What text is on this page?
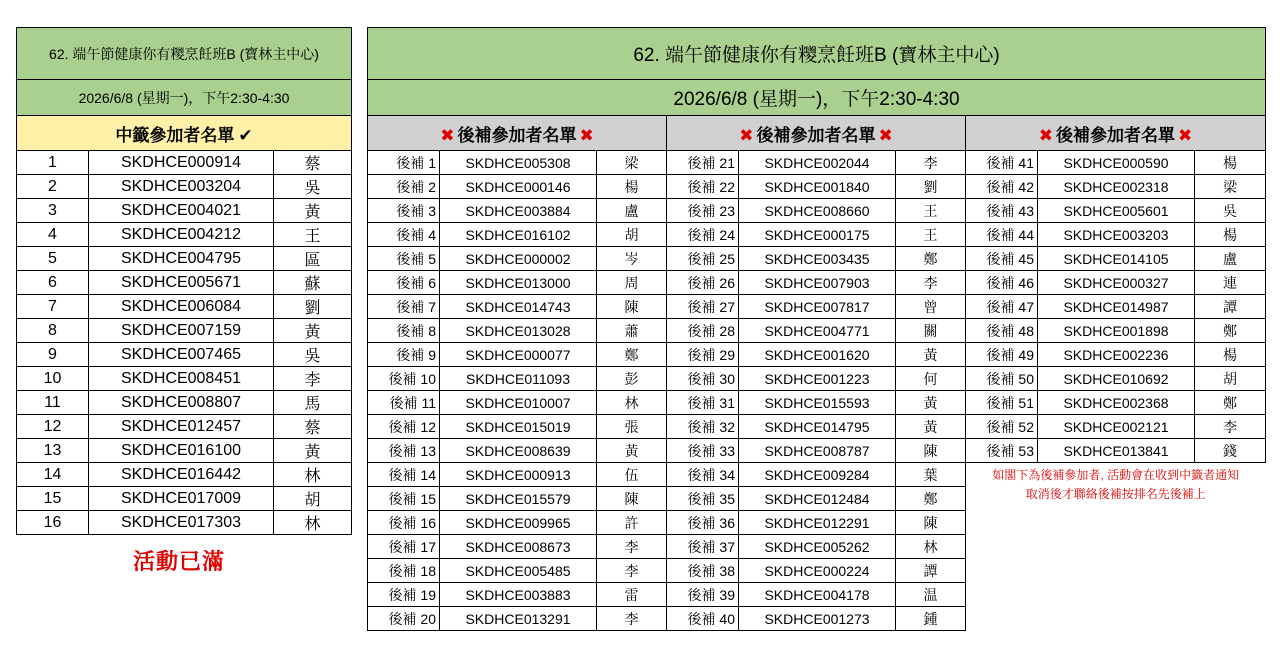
62. 端午節健康你有糭烹飪班B (寶林主中心)		
2026/6/8 (星期一)，下午2:30-4:30		
中籤參加者名單 ✔		
1	SKDHCE000914	蔡
2	SKDHCE003204	吳
3	SKDHCE004021	黃
4	SKDHCE004212	王
5	SKDHCE004795	區
6	SKDHCE005671	蘇
7	SKDHCE006084	劉
8	SKDHCE007159	黃
9	SKDHCE007465	吳
10	SKDHCE008451	李
11	SKDHCE008807	馬
12	SKDHCE012457	蔡
13	SKDHCE016100	黃
14	SKDHCE016442	林
15	SKDHCE017009	胡
16	SKDHCE017303	林
活動已滿
62. 端午節健康你有糭烹飪班B (寶林主中心)								
2026/6/8 (星期一)，下午2:30-4:30								
✖ 後補參加者名單 ✖			✖ 後補參加者名單 ✖			✖ 後補參加者名單 ✖		
後補 1	SKDHCE005308	梁	後補 21	SKDHCE002044	李	後補 41	SKDHCE000590	楊
後補 2	SKDHCE000146	楊	後補 22	SKDHCE001840	劉	後補 42	SKDHCE002318	梁
後補 3	SKDHCE003884	盧	後補 23	SKDHCE008660	王	後補 43	SKDHCE005601	吳
後補 4	SKDHCE016102	胡	後補 24	SKDHCE000175	王	後補 44	SKDHCE003203	楊
後補 5	SKDHCE000002	岑	後補 25	SKDHCE003435	鄭	後補 45	SKDHCE014105	盧
後補 6	SKDHCE013000	周	後補 26	SKDHCE007903	李	後補 46	SKDHCE000327	連
後補 7	SKDHCE014743	陳	後補 27	SKDHCE007817	曾	後補 47	SKDHCE014987	譚
後補 8	SKDHCE013028	蕭	後補 28	SKDHCE004771	關	後補 48	SKDHCE001898	鄭
後補 9	SKDHCE000077	鄭	後補 29	SKDHCE001620	黃	後補 49	SKDHCE002236	楊
後補 10	SKDHCE011093	彭	後補 30	SKDHCE001223	何	後補 50	SKDHCE010692	胡
後補 11	SKDHCE010007	林	後補 31	SKDHCE015593	黃	後補 51	SKDHCE002368	鄭
後補 12	SKDHCE015019	張	後補 32	SKDHCE014795	黃	後補 52	SKDHCE002121	李
後補 13	SKDHCE008639	黃	後補 33	SKDHCE008787	陳	後補 53	SKDHCE013841	錢
後補 14	SKDHCE000913	伍	後補 34	SKDHCE009284	葉	如閣下為後補參加者, 活動會在收到中籤者通知
取消後才聯絡後補按排名先後補上		

後補 15	SKDHCE015579	陳	後補 35	SKDHCE012484	鄭			
後補 16	SKDHCE009965	許	後補 36	SKDHCE012291	陳			
後補 17	SKDHCE008673	李	後補 37	SKDHCE005262	林			
後補 18	SKDHCE005485	李	後補 38	SKDHCE000224	譚			
後補 19	SKDHCE003883	雷	後補 39	SKDHCE004178	温			
後補 20	SKDHCE013291	李	後補 40	SKDHCE001273	鍾			
